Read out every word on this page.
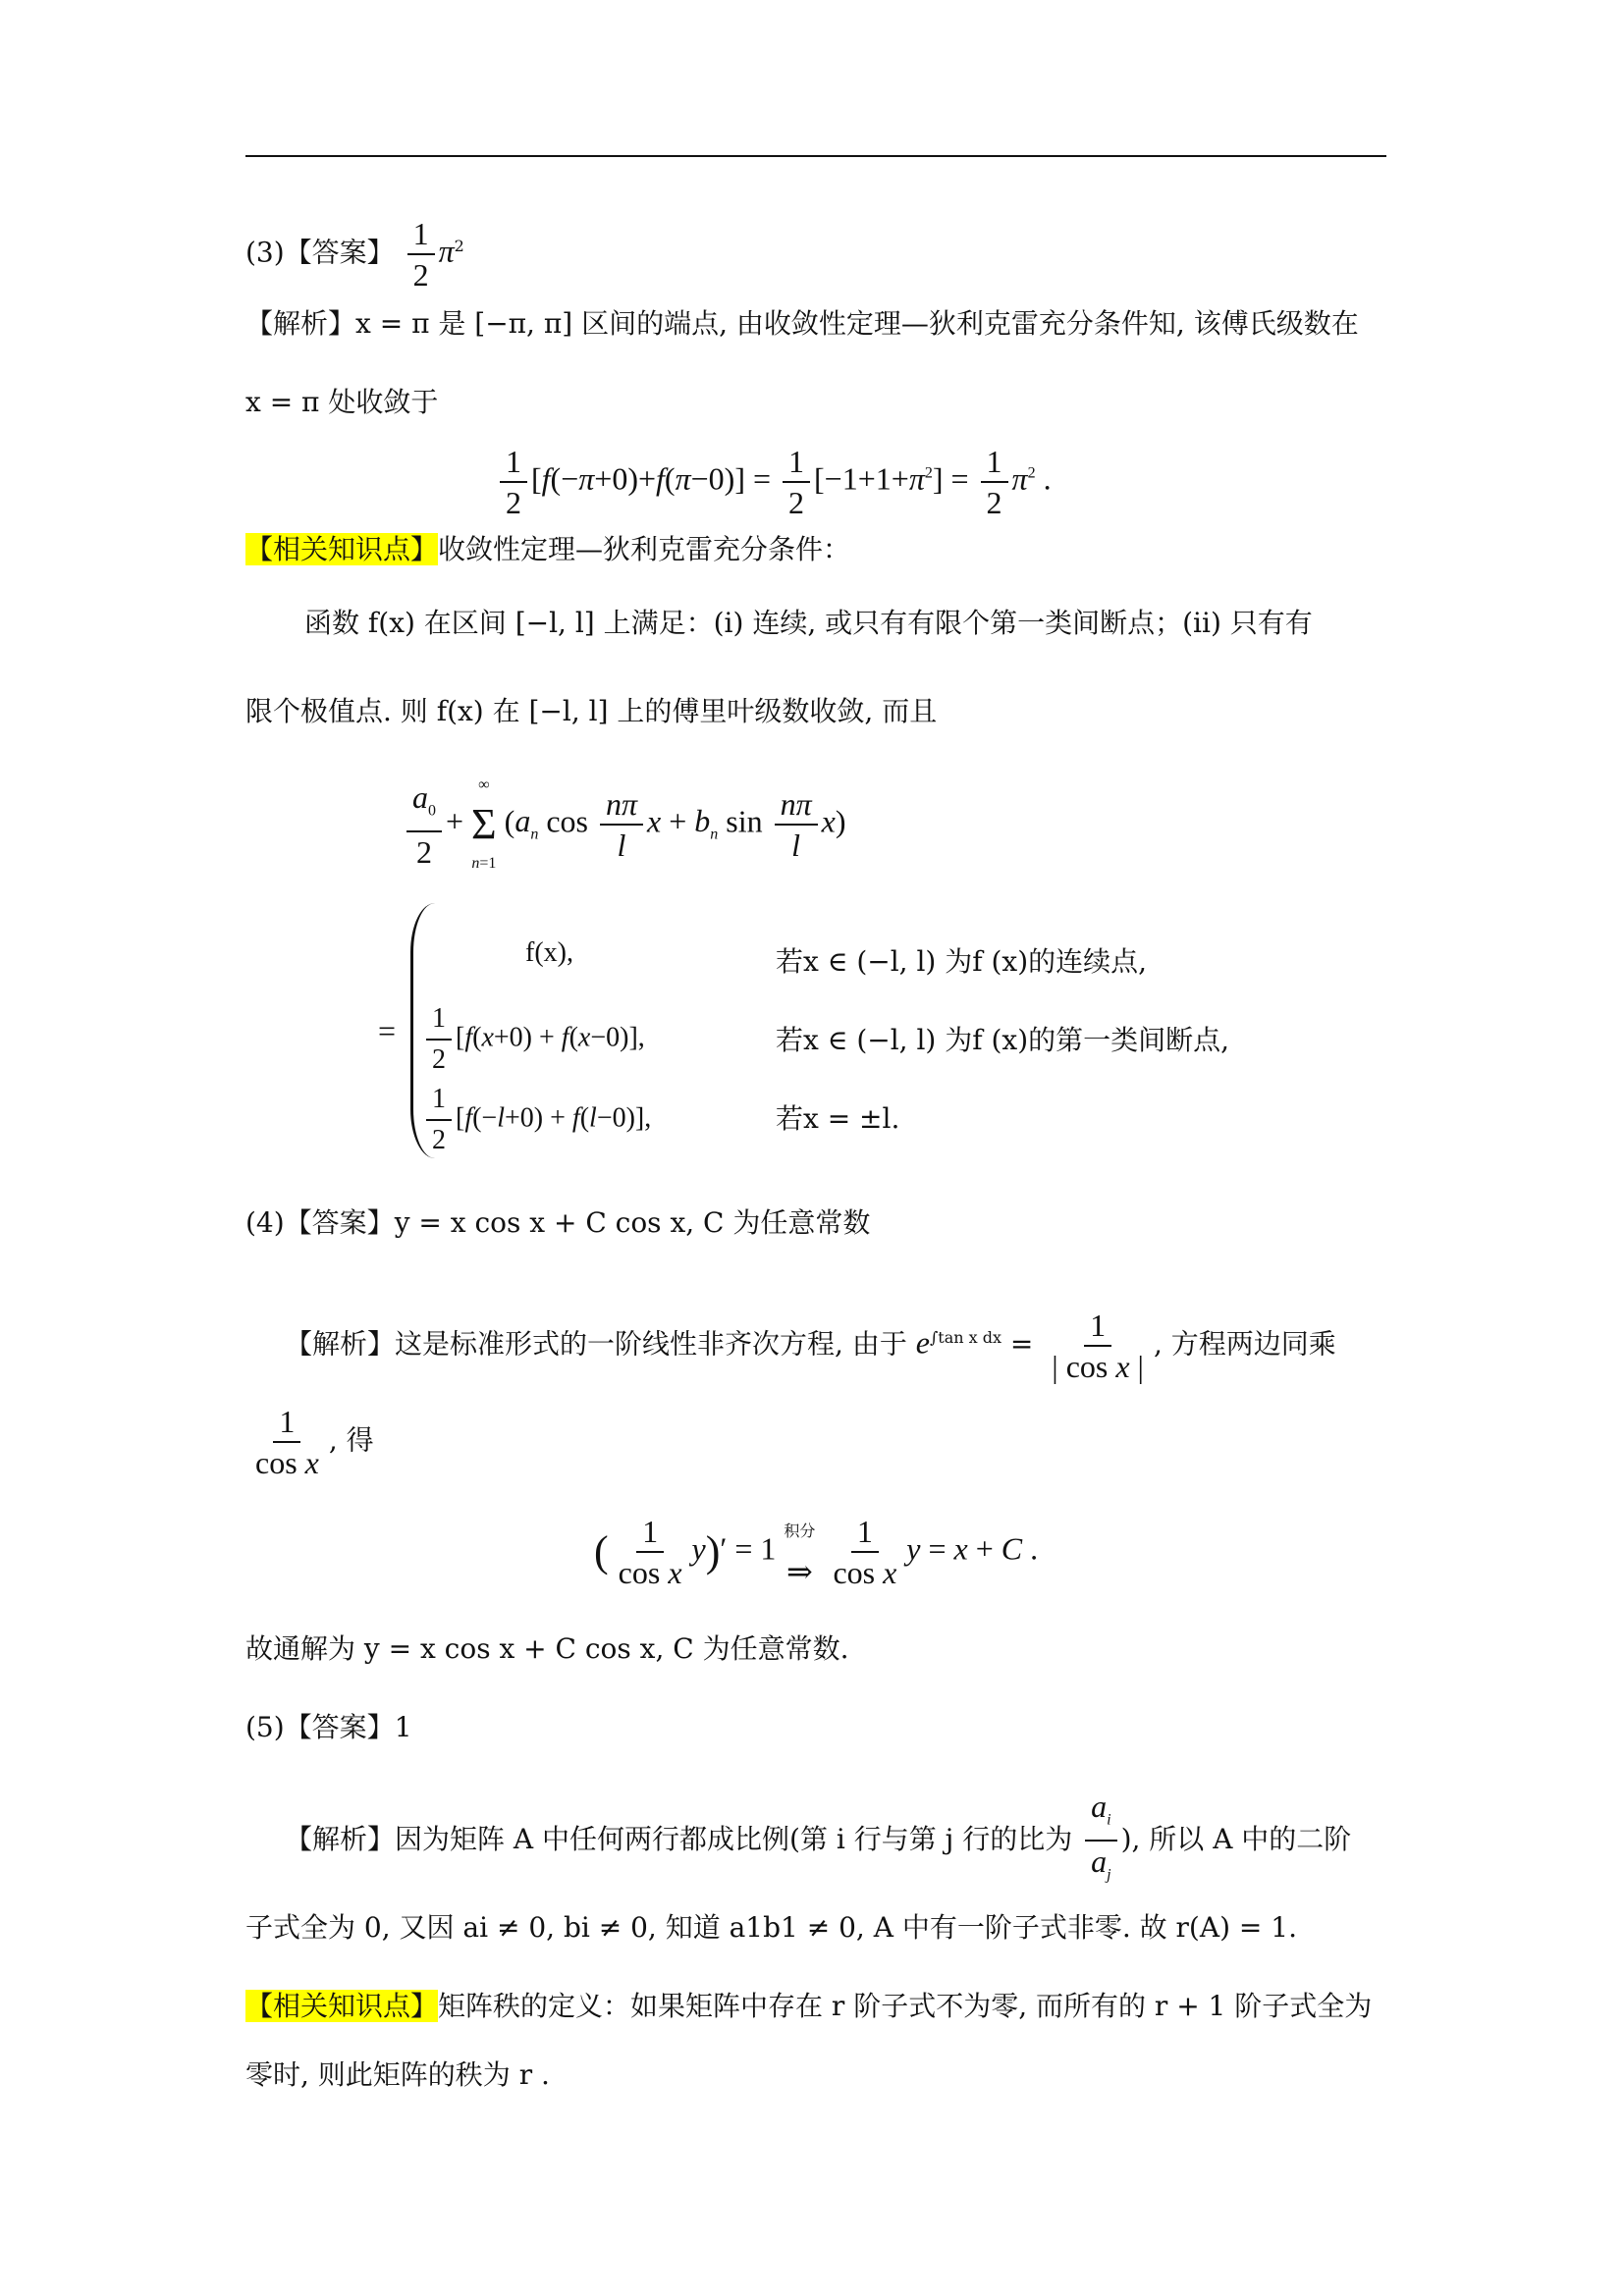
(3)【答案】 $\frac{1}{2} \pi^2$
【解析】x = π 是 [−π, π] 区间的端点, 由收敛性定理—狄利克雷充分条件知, 该傅氏级数在
x = π 处收敛于
$\frac{1}{2} [f(-\pi+0)+f(\pi-0)] = \frac{1}{2} [-1+1+\pi^2] = \frac{1}{2} \pi^2$ .
【相关知识点】收敛性定理—狄利克雷充分条件：
函数 f(x) 在区间 [−l, l] 上满足：(i) 连续, 或只有有限个第一类间断点；(ii) 只有有
限个极值点. 则 f(x) 在 [−l, l] 上的傅里叶级数收敛, 而且
$\frac{a_0}{2}$ +
∞
Σ
n=1
($a_n$ $\cos \frac{n\pi}{l}$ $x + b_n$ $\sin \frac{n\pi}{l} x$)
=
f(x),	若x ∈ (−l, l) 为f (x)的连续点,
$\frac{1}{2} [f(x+0) + f(x-0)]$,	若x ∈ (−l, l) 为f (x)的第一类间断点,
$\frac{1}{2} [f(-l+0) + f(l-0)]$,	若x = ±l.
(4)【答案】y = x cos x + C cos x, C 为任意常数
【解析】这是标准形式的一阶线性非齐次方程, 由于 $e^{\int tan x dx} = \frac{1}{\text{| cos x |}}$ , 方程两边同乘
$\frac{1}{\text{cos x}}$ , 得
( $\frac{1}{\text{cos x}} y)' = 1$ 积分
⇒
$\frac{1}{\text{cos x}}$ y = x + C .
故通解为 y = x cos x + C cos x, C 为任意常数.
(5)【答案】1
【解析】因为矩阵 A 中任何两行都成比例(第 i 行与第 j 行的比为 $\frac{a_i}{a_j}$ ), 所以 A 中的二阶
子式全为 0, 又因 ai ≠ 0, bi ≠ 0, 知道 a1b1 ≠ 0, A 中有一阶子式非零. 故 r(A) = 1.
【相关知识点】矩阵秩的定义：如果矩阵中存在 r 阶子式不为零, 而所有的 r + 1 阶子式全为
零时, 则此矩阵的秩为 r .
